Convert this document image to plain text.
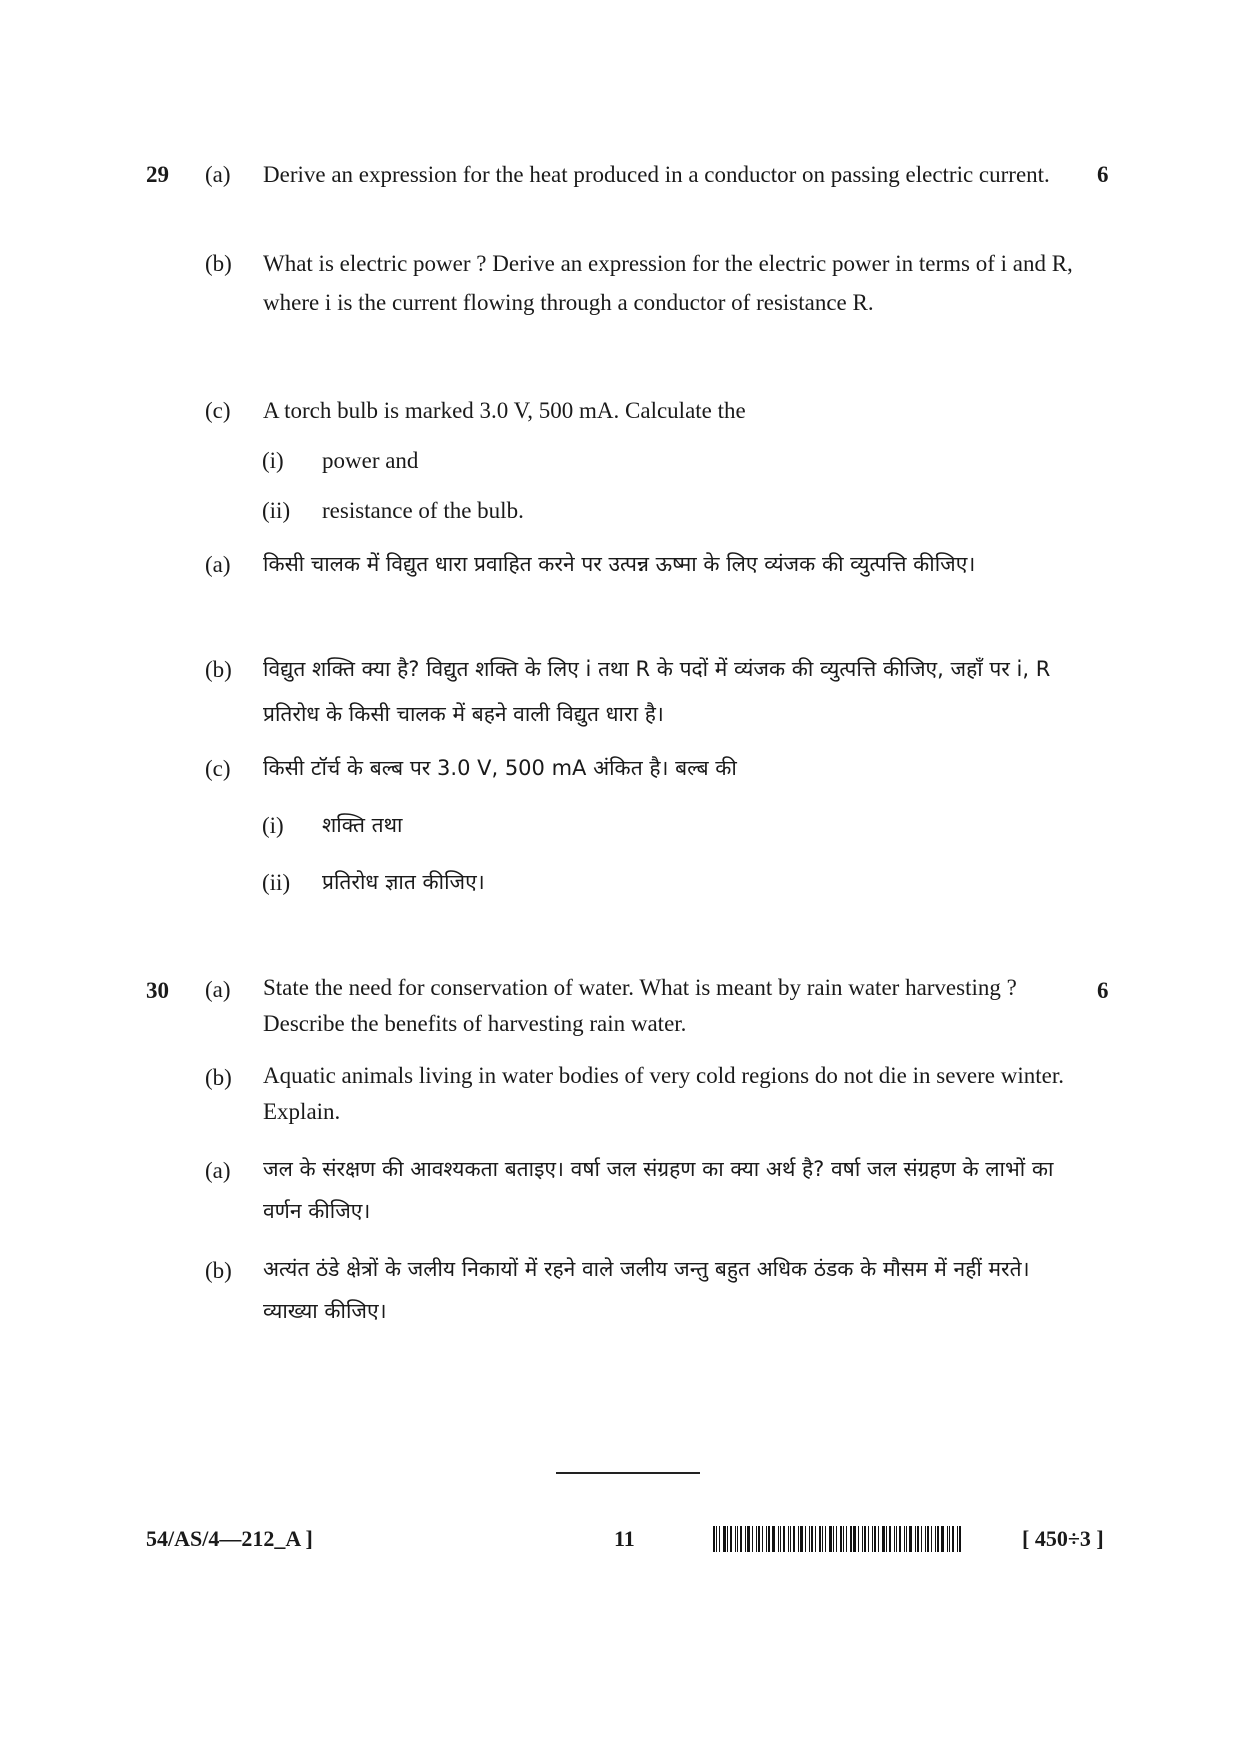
29	6
(a) Derive an expression for the heat produced in a conductor on passing electric current.
(b) What is electric power ? Derive an expression for the electric power in terms of i and R, where i is the current flowing through a conductor of resistance R.
(c) A torch bulb is marked 3.0 V, 500 mA. Calculate the
(i) power and
(ii) resistance of the bulb.
(a) किसी चालक में विद्युत धारा प्रवाहित करने पर उत्पन्न ऊष्मा के लिए व्यंजक की व्युत्पत्ति कीजिए।
(b) विद्युत शक्ति क्या है? विद्युत शक्ति के लिए i तथा R के पदों में व्यंजक की व्युत्पत्ति कीजिए, जहाँ पर i, R प्रतिरोध के किसी चालक में बहने वाली विद्युत धारा है।
(c) किसी टॉर्च के बल्ब पर 3.0 V, 500 mA अंकित है। बल्ब की
(i) शक्ति तथा
(ii) प्रतिरोध ज्ञात कीजिए।
30	6
(a) State the need for conservation of water. What is meant by rain water harvesting ? Describe the benefits of harvesting rain water.
(b) Aquatic animals living in water bodies of very cold regions do not die in severe winter. Explain.
(a) जल के संरक्षण की आवश्यकता बताइए। वर्षा जल संग्रहण का क्या अर्थ है? वर्षा जल संग्रहण के लाभों का वर्णन कीजिए।
(b) अत्यंत ठंडे क्षेत्रों के जलीय निकायों में रहने वाले जलीय जन्तु बहुत अधिक ठंडक के मौसम में नहीं मरते। व्याख्या कीजिए।
54/AS/4—212_A ]	11	[ 450÷3 ]
